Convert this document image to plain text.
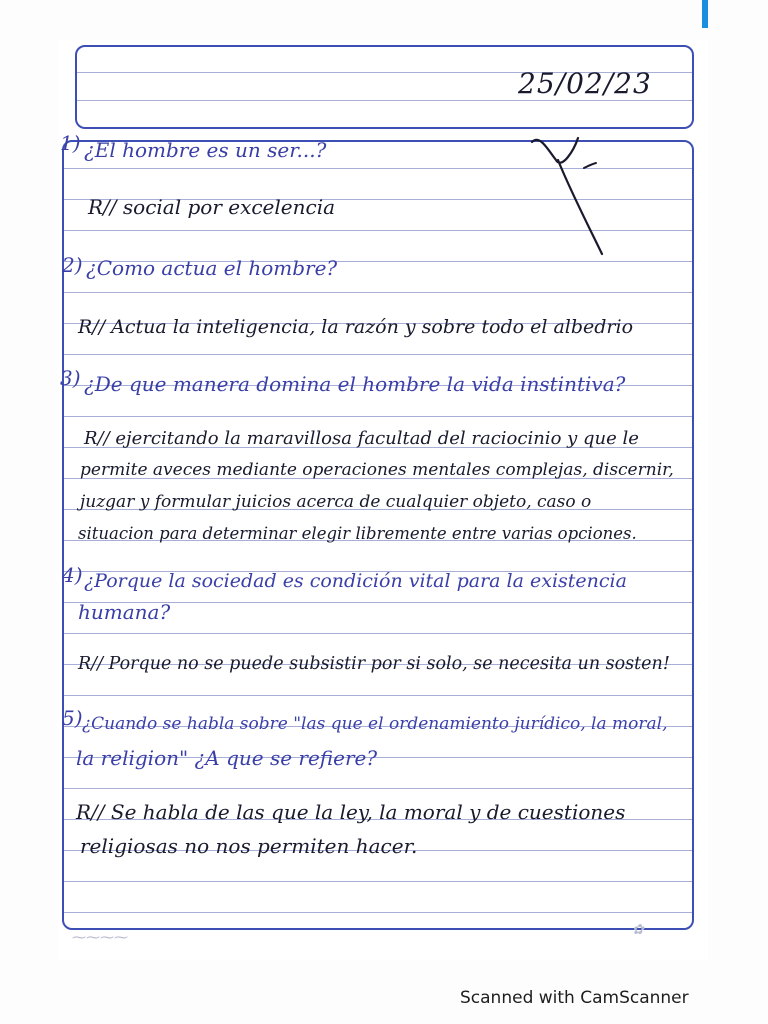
25/02/23
1) ¿El hombre es un ser...?
R// social por excelencia
2) ¿Como actua el hombre?
R// Actua la inteligencia, la razón y sobre todo el albedrio
3) ¿De que manera domina el hombre la vida instintiva?
R// ejercitando la maravillosa facultad del raciocinio y que le
permite aveces mediante operaciones mentales complejas, discernir,
juzgar y formular juicios acerca de cualquier objeto, caso o
situacion para determinar elegir libremente entre varias opciones.
4) ¿Porque la sociedad es condición vital para la existencia
humana?
R// Porque no se puede subsistir por si solo, se necesita un sosten!
5) ¿Cuando se habla sobre "las que el ordenamiento jurídico, la moral,
la religion" ¿A que se refiere?
R// Se habla de las que la ley, la moral y de cuestiones
religiosas no nos permiten hacer.
⁓⁓⁓⁓	✿
Scanned with CamScanner
